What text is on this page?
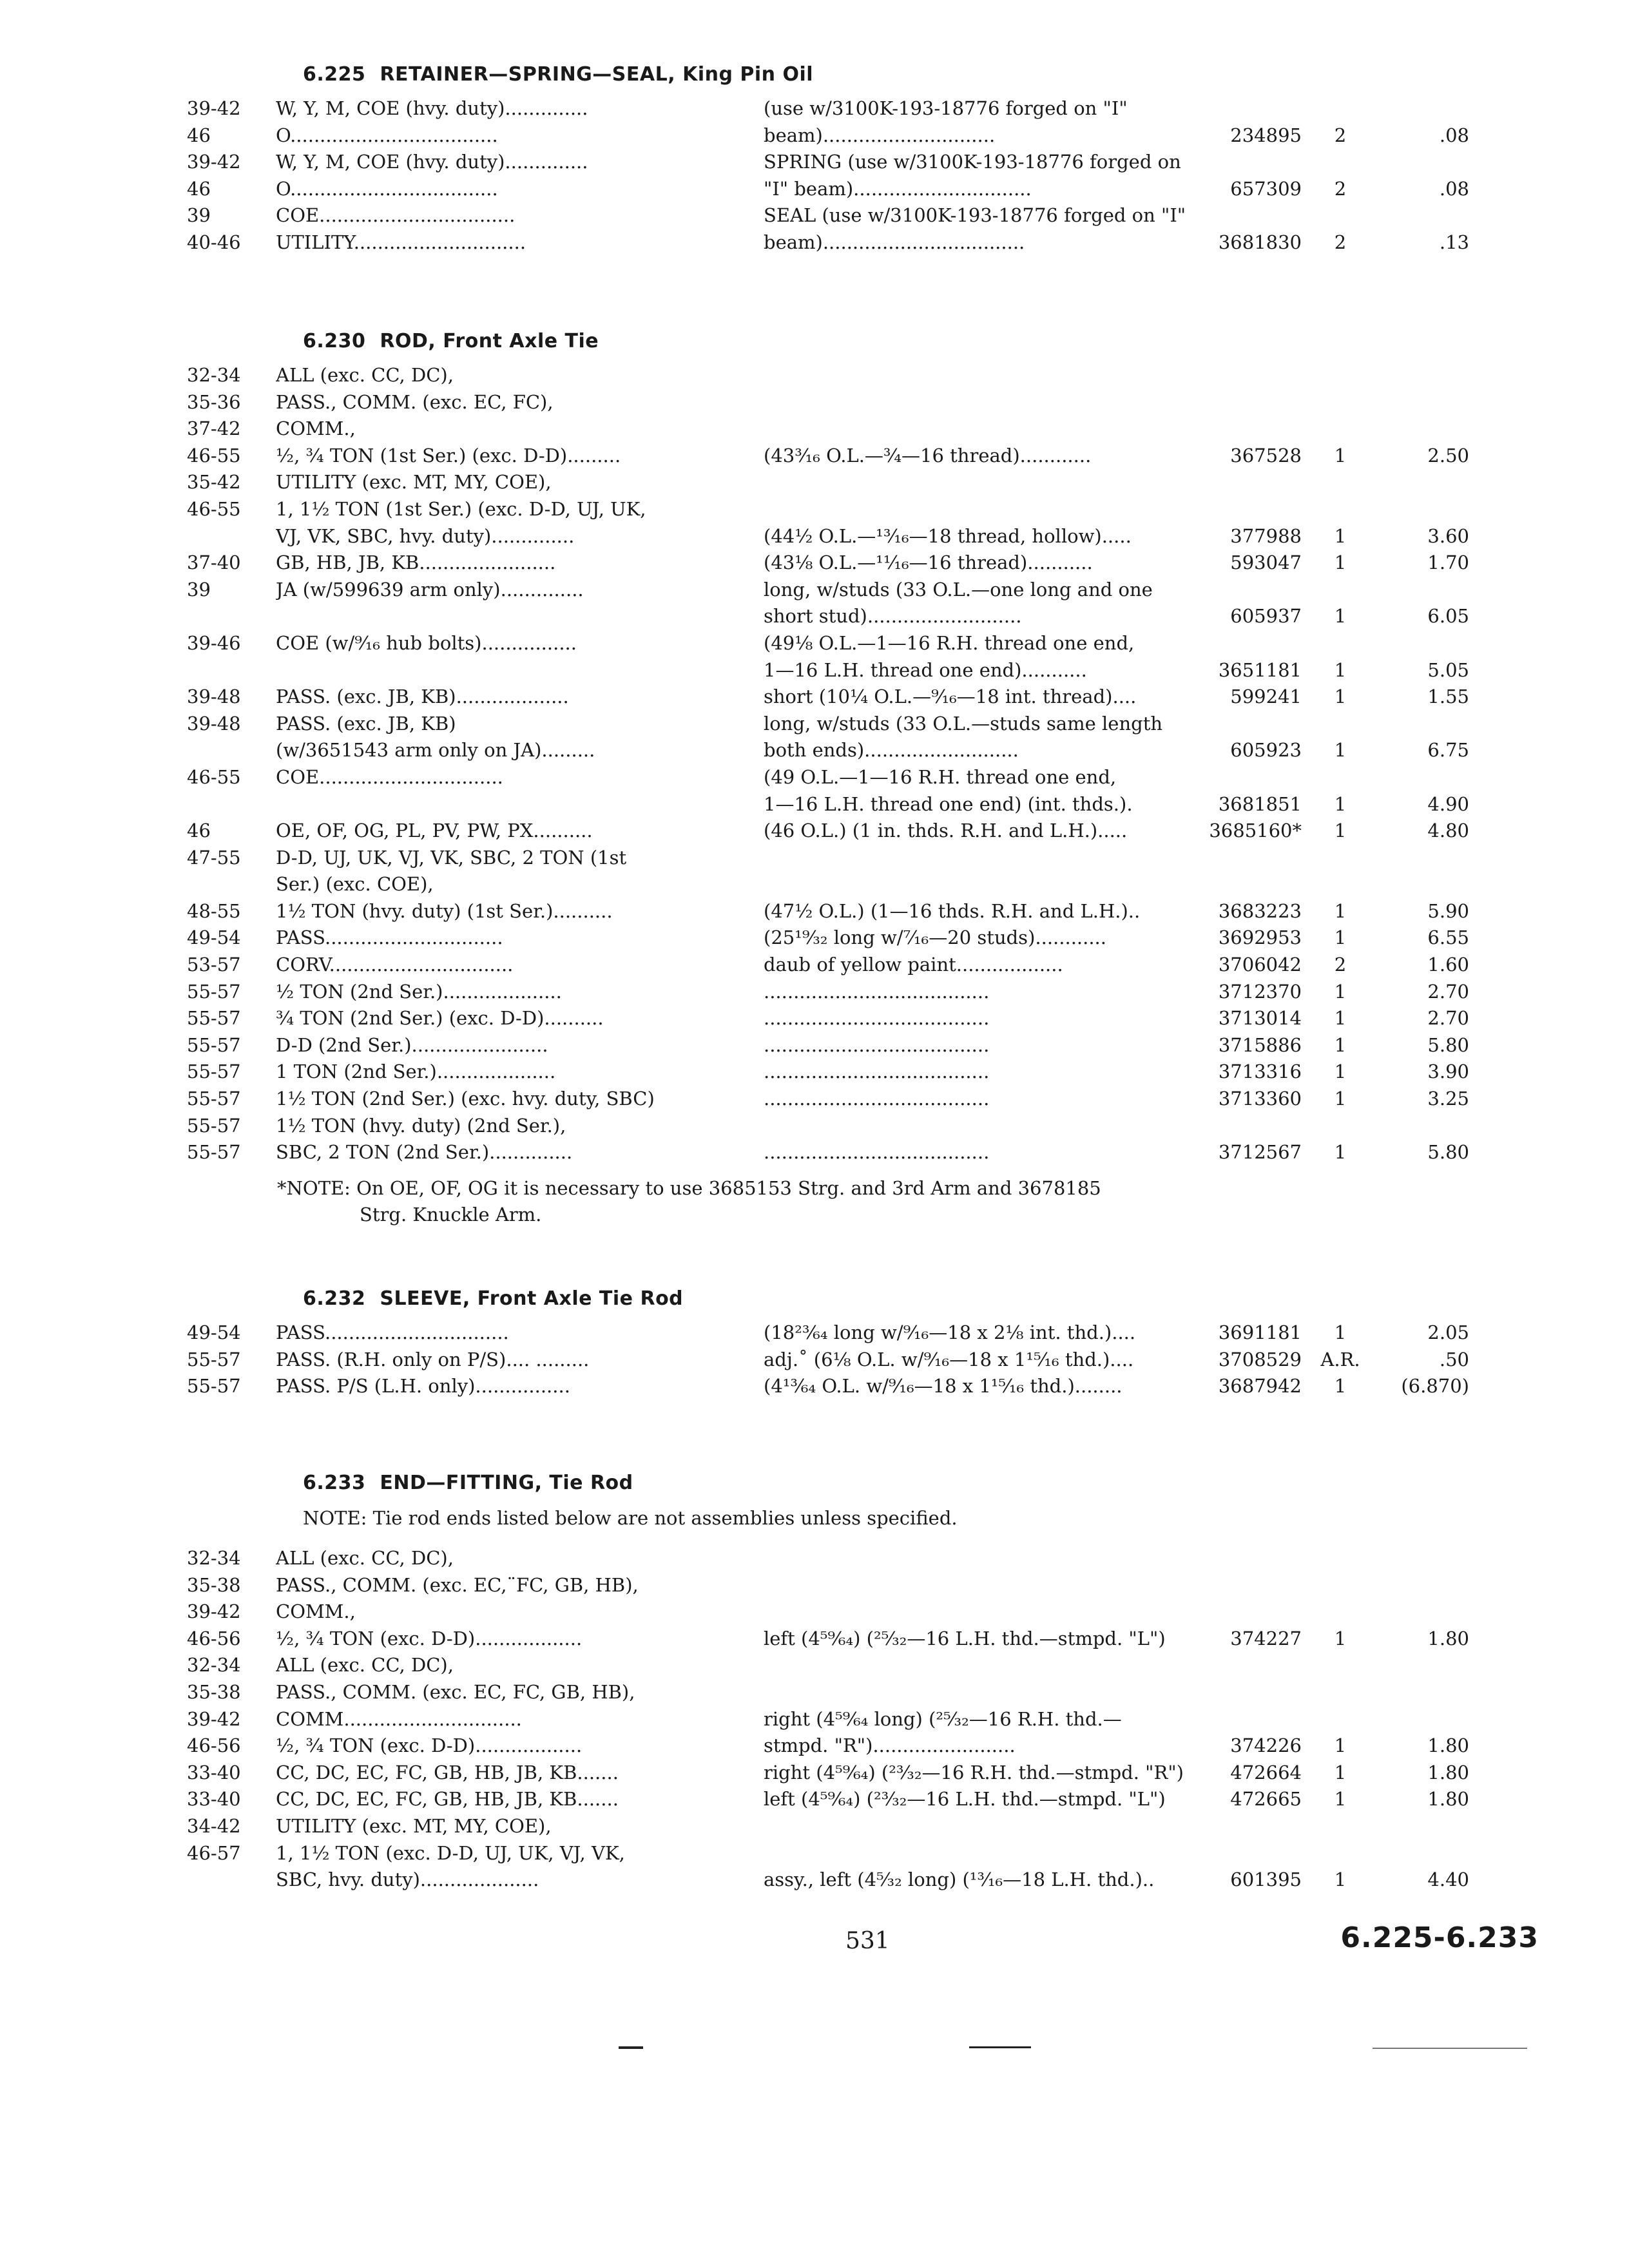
6.225 RETAINER—SPRING—SEAL, King Pin Oil
39-42	W, Y, M, COE (hvy. duty)..............	(use w/3100K-193-18776 forged on "I"
46	O...................................	beam).............................	234895	2	.08
39-42	W, Y, M, COE (hvy. duty)..............	SPRING (use w/3100K-193-18776 forged on
46	O...................................	"I" beam)..............................	657309	2	.08
39	COE.................................	SEAL (use w/3100K-193-18776 forged on "I"
40-46	UTILITY.............................	beam)..................................	3681830	2	.13
6.230 ROD, Front Axle Tie
32-34	ALL (exc. CC, DC),
35-36	PASS., COMM. (exc. EC, FC),
37-42	COMM.,
46-55	½, ¾ TON (1st Ser.) (exc. D-D).........	(43³⁄₁₆ O.L.—¾—16 thread)............	367528	1	2.50
35-42	UTILITY (exc. MT, MY, COE),
46-55	1, 1½ TON (1st Ser.) (exc. D-D, UJ, UK,
VJ, VK, SBC, hvy. duty)..............	(44½ O.L.—¹³⁄₁₆—18 thread, hollow).....	377988	1	3.60
37-40	GB, HB, JB, KB.......................	(43⅛ O.L.—¹¹⁄₁₆—16 thread)...........	593047	1	1.70
39	JA (w/599639 arm only)..............	long, w/studs (33 O.L.—one long and one
short stud)..........................	605937	1	6.05
39-46	COE (w/⁹⁄₁₆ hub bolts)................	(49⅛ O.L.—1—16 R.H. thread one end,
1—16 L.H. thread one end)...........	3651181	1	5.05
39-48	PASS. (exc. JB, KB)...................	short (10¼ O.L.—⁹⁄₁₆—18 int. thread)....	599241	1	1.55
39-48	PASS. (exc. JB, KB)	long, w/studs (33 O.L.—studs same length
(w/3651543 arm only on JA).........	both ends)..........................	605923	1	6.75
46-55	COE...............................	(49 O.L.—1—16 R.H. thread one end,
1—16 L.H. thread one end) (int. thds.).	3681851	1	4.90
46	OE, OF, OG, PL, PV, PW, PX..........	(46 O.L.) (1 in. thds. R.H. and L.H.).....	3685160*	1	4.80
47-55	D-D, UJ, UK, VJ, VK, SBC, 2 TON (1st
Ser.) (exc. COE),
48-55	1½ TON (hvy. duty) (1st Ser.)..........	(47½ O.L.) (1—16 thds. R.H. and L.H.)..	3683223	1	5.90
49-54	PASS..............................	(25¹⁹⁄₃₂ long w/⁷⁄₁₆—20 studs)............	3692953	1	6.55
53-57	CORV...............................	daub of yellow paint..................	3706042	2	1.60
55-57	½ TON (2nd Ser.)....................	......................................	3712370	1	2.70
55-57	¾ TON (2nd Ser.) (exc. D-D)..........	......................................	3713014	1	2.70
55-57	D-D (2nd Ser.).......................	......................................	3715886	1	5.80
55-57	1 TON (2nd Ser.)....................	......................................	3713316	1	3.90
55-57	1½ TON (2nd Ser.) (exc. hvy. duty, SBC)	......................................	3713360	1	3.25
55-57	1½ TON (hvy. duty) (2nd Ser.),
55-57	SBC, 2 TON (2nd Ser.)..............	......................................	3712567	1	5.80
*NOTE: On OE, OF, OG it is necessary to use 3685153 Strg. and 3rd Arm and 3678185
Strg. Knuckle Arm.
6.232 SLEEVE, Front Axle Tie Rod
49-54	PASS...............................	(18²³⁄₆₄ long w/⁹⁄₁₆—18 x 2⅛ int. thd.)....	3691181	1	2.05
55-57	PASS. (R.H. only on P/S).... .........	adj.˚ (6⅛ O.L. w/⁹⁄₁₆—18 x 1¹⁵⁄₁₆ thd.)....	3708529	A.R.	.50
55-57	PASS. P/S (L.H. only)................	(4¹³⁄₆₄ O.L. w/⁹⁄₁₆—18 x 1¹⁵⁄₁₆ thd.)........	3687942	1	(6.870)
6.233 END—FITTING, Tie Rod
NOTE: Tie rod ends listed below are not assemblies unless specified.
32-34	ALL (exc. CC, DC),
35-38	PASS., COMM. (exc. EC,¨FC, GB, HB),
39-42	COMM.,
46-56	½, ¾ TON (exc. D-D)..................	left (4⁵⁹⁄₆₄) (²⁵⁄₃₂—16 L.H. thd.—stmpd. "L")	374227	1	1.80
32-34	ALL (exc. CC, DC),
35-38	PASS., COMM. (exc. EC, FC, GB, HB),
39-42	COMM..............................	right (4⁵⁹⁄₆₄ long) (²⁵⁄₃₂—16 R.H. thd.—
46-56	½, ¾ TON (exc. D-D)..................	stmpd. "R")........................	374226	1	1.80
33-40	CC, DC, EC, FC, GB, HB, JB, KB.......	right (4⁵⁹⁄₆₄) (²³⁄₃₂—16 R.H. thd.—stmpd. "R")	472664	1	1.80
33-40	CC, DC, EC, FC, GB, HB, JB, KB.......	left (4⁵⁹⁄₆₄) (²³⁄₃₂—16 L.H. thd.—stmpd. "L")	472665	1	1.80
34-42	UTILITY (exc. MT, MY, COE),
46-57	1, 1½ TON (exc. D-D, UJ, UK, VJ, VK,
SBC, hvy. duty)....................	assy., left (4⁵⁄₃₂ long) (¹³⁄₁₆—18 L.H. thd.)..	601395	1	4.40
531	6.225-6.233
